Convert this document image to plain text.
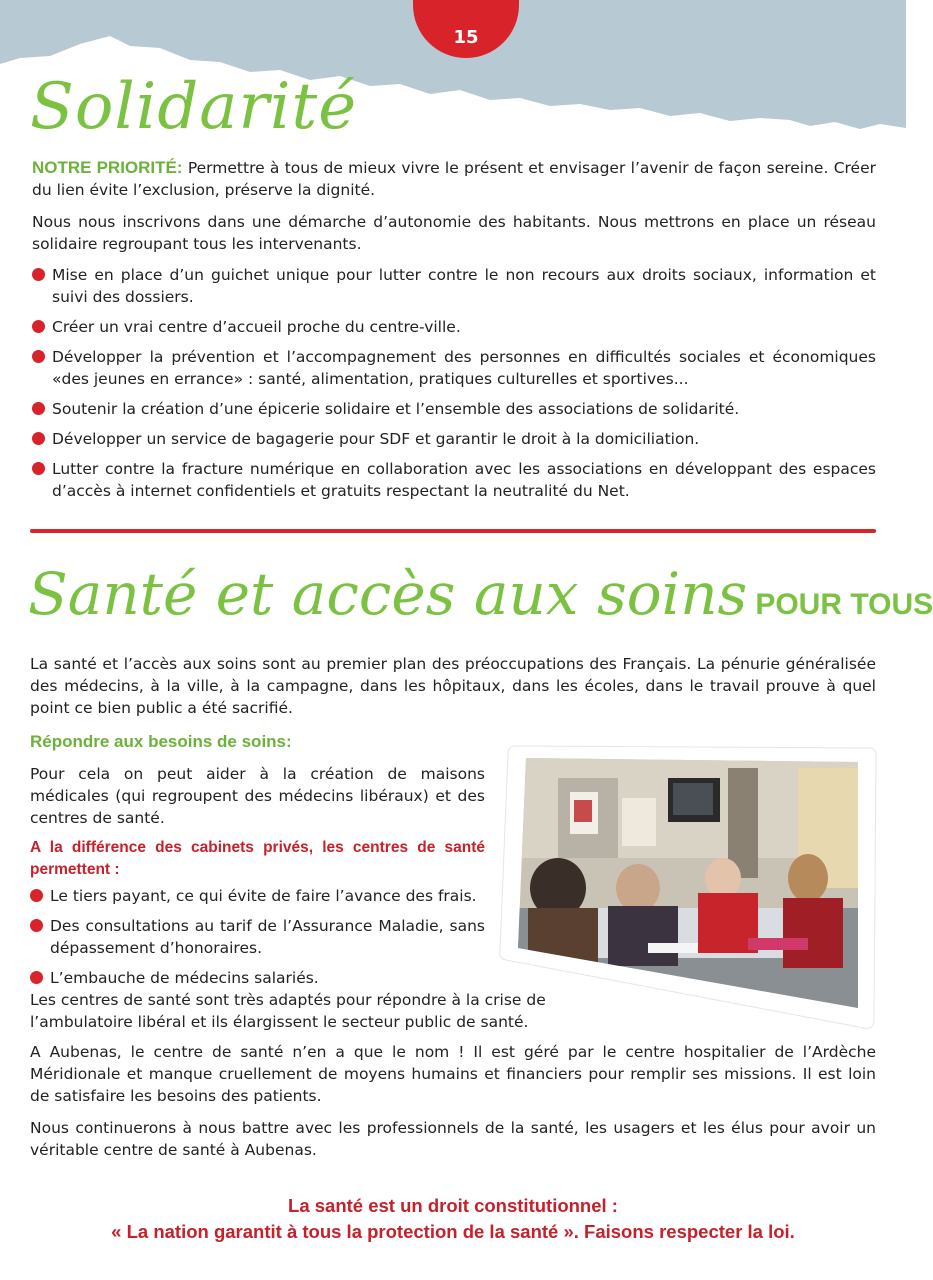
15
Solidarité

NOTRE PRIORITÉ: Permettre à tous de mieux vivre le présent et envisager l’avenir de façon sereine. Créer du lien évite l’exclusion, préserve la dignité.

Nous nous inscrivons dans une démarche d’autonomie des habitants. Nous mettrons en place un réseau solidaire regroupant tous les intervenants.

Mise en place d’un guichet unique pour lutter contre le non recours aux droits sociaux, information et suivi des dossiers.
Créer un vrai centre d’accueil proche du centre-ville.
Développer la prévention et l’accompagnement des personnes en difficultés sociales et économiques «des jeunes en errance» : santé, alimentation, pratiques culturelles et sportives...
Soutenir la création d’une épicerie solidaire et l’ensemble des associations de solidarité.
Développer un service de bagagerie pour SDF et garantir le droit à la domiciliation.
Lutter contre la fracture numérique en collaboration avec les associations en développant des espaces d’accès à internet confidentiels et gratuits respectant la neutralité du Net.
Santé et accès aux soins POUR TOUS

La santé et l’accès aux soins sont au premier plan des préoccupations des Français. La pénurie généralisée des médecins, à la ville, à la campagne, dans les hôpitaux, dans les écoles, dans le travail prouve à quel point ce bien public a été sacrifié.

Répondre aux besoins de soins:

Pour cela on peut aider à la création de maisons médicales (qui regroupent des médecins libéraux) et des centres de santé.

A la différence des cabinets privés, les centres de santé permettent :

Le tiers payant, ce qui évite de faire l’avance des frais.
Des consultations au tarif de l’Assurance Maladie, sans dépassement d’honoraires.
L’embauche de médecins salariés.

Les centres de santé sont très adaptés pour répondre à la crise de l’ambulatoire libéral et ils élargissent le secteur public de santé.

A Aubenas, le centre de santé n’en a que le nom ! Il est géré par le centre hospitalier de l’Ardèche Méridionale et manque cruellement de moyens humains et financiers pour remplir ses missions. Il est loin de satisfaire les besoins des patients.

Nous continuerons à nous battre avec les professionnels de la santé, les usagers et les élus pour avoir un véritable centre de santé à Aubenas.

La santé est un droit constitutionnel :
« La nation garantit à tous la protection de la santé ». Faisons respecter la loi.
